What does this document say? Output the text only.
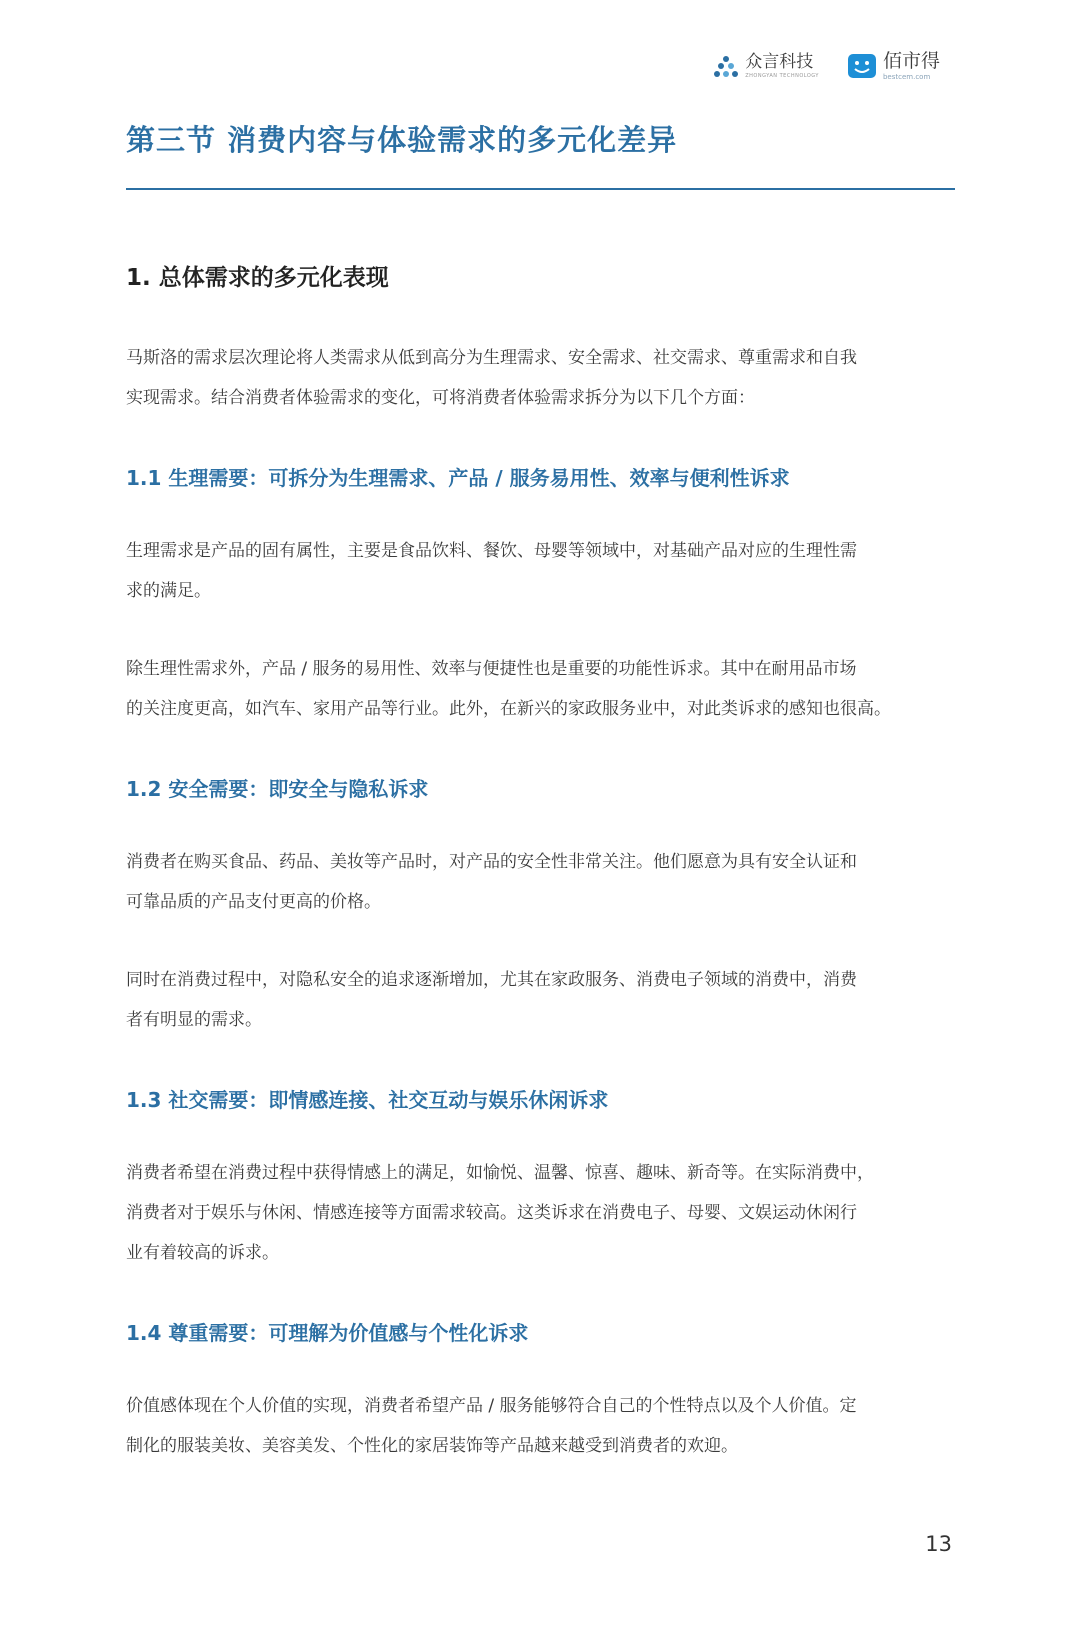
众言科技
ZHONGYAN TECHNOLOGY
佰市得
bestcem.com
第三节 消费内容与体验需求的多元化差异
1. 总体需求的多元化表现

马斯洛的需求层次理论将人类需求从低到高分为生理需求、安全需求、社交需求、尊重需求和自我

实现需求。结合消费者体验需求的变化，可将消费者体验需求拆分为以下几个方面：

1.1 生理需要：可拆分为生理需求、产品 / 服务易用性、效率与便利性诉求

生理需求是产品的固有属性，主要是食品饮料、餐饮、母婴等领域中，对基础产品对应的生理性需

求的满足。

除生理性需求外，产品 / 服务的易用性、效率与便捷性也是重要的功能性诉求。其中在耐用品市场

的关注度更高，如汽车、家用产品等行业。此外，在新兴的家政服务业中，对此类诉求的感知也很高。

1.2 安全需要：即安全与隐私诉求

消费者在购买食品、药品、美妆等产品时，对产品的安全性非常关注。他们愿意为具有安全认证和

可靠品质的产品支付更高的价格。

同时在消费过程中，对隐私安全的追求逐渐增加，尤其在家政服务、消费电子领域的消费中，消费

者有明显的需求。

1.3 社交需要：即情感连接、社交互动与娱乐休闲诉求

消费者希望在消费过程中获得情感上的满足，如愉悦、温馨、惊喜、趣味、新奇等。在实际消费中，

消费者对于娱乐与休闲、情感连接等方面需求较高。这类诉求在消费电子、母婴、文娱运动休闲行

业有着较高的诉求。

1.4 尊重需要：可理解为价值感与个性化诉求

价值感体现在个人价值的实现，消费者希望产品 / 服务能够符合自己的个性特点以及个人价值。定

制化的服装美妆、美容美发、个性化的家居装饰等产品越来越受到消费者的欢迎。

13
